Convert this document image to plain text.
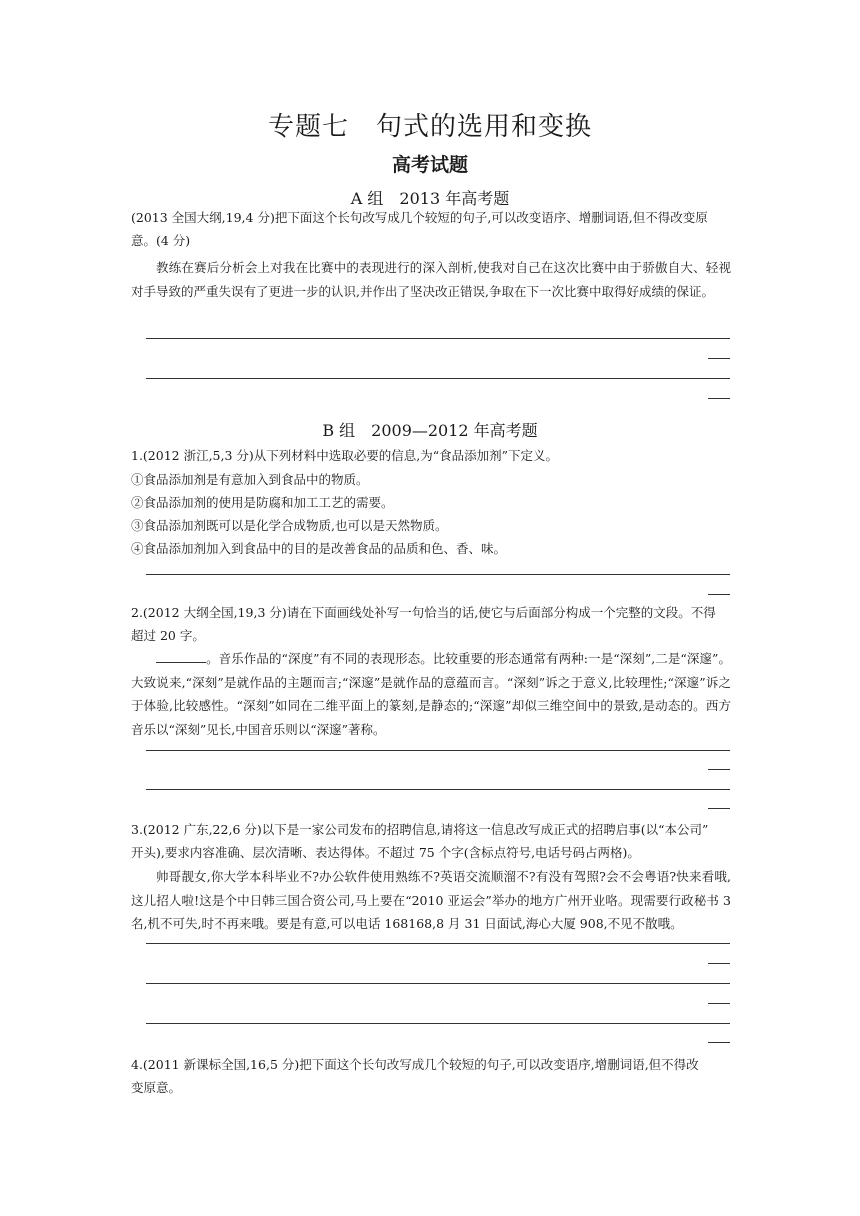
专题七　句式的选用和变换
高考试题
A 组　2013 年高考题
(2013 全国大纲,19,4 分)把下面这个长句改写成几个较短的句子,可以改变语序、增删词语,但不得改变原
意。(4 分)
教练在赛后分析会上对我在比赛中的表现进行的深入剖析,使我对自己在这次比赛中由于骄傲自大、轻视对手导致的严重失误有了更进一步的认识,并作出了坚决改正错误,争取在下一次比赛中取得好成绩的保证。
B 组　2009—2012 年高考题
1.(2012 浙江,5,3 分)从下列材料中选取必要的信息,为“食品添加剂”下定义。
①食品添加剂是有意加入到食品中的物质。
②食品添加剂的使用是防腐和加工工艺的需要。
③食品添加剂既可以是化学合成物质,也可以是天然物质。
④食品添加剂加入到食品中的目的是改善食品的品质和色、香、味。
2.(2012 大纲全国,19,3 分)请在下面画线处补写一句恰当的话,使它与后面部分构成一个完整的文段。不得
超过 20 字。
。音乐作品的“深度”有不同的表现形态。比较重要的形态通常有两种:一是“深刻”,二是“深邃”。大致说来,“深刻”是就作品的主题而言;“深邃”是就作品的意蕴而言。“深刻”诉之于意义,比较理性;“深邃”诉之于体验,比较感性。“深刻”如同在二维平面上的篆刻,是静态的;“深邃”却似三维空间中的景致,是动态的。西方音乐以“深刻”见长,中国音乐则以“深邃”著称。
3.(2012 广东,22,6 分)以下是一家公司发布的招聘信息,请将这一信息改写成正式的招聘启事(以“本公司”
开头),要求内容准确、层次清晰、表达得体。不超过 75 个字(含标点符号,电话号码占两格)。
帅哥靓女,你大学本科毕业不?办公软件使用熟练不?英语交流顺溜不?有没有驾照?会不会粤语?快来看哦,这儿招人啦!这是个中日韩三国合资公司,马上要在“2010 亚运会”举办的地方广州开业咯。现需要行政秘书 3 名,机不可失,时不再来哦。要是有意,可以电话 168168,8 月 31 日面试,海心大厦 908,不见不散哦。
4.(2011 新课标全国,16,5 分)把下面这个长句改写成几个较短的句子,可以改变语序,增删词语,但不得改
变原意。
